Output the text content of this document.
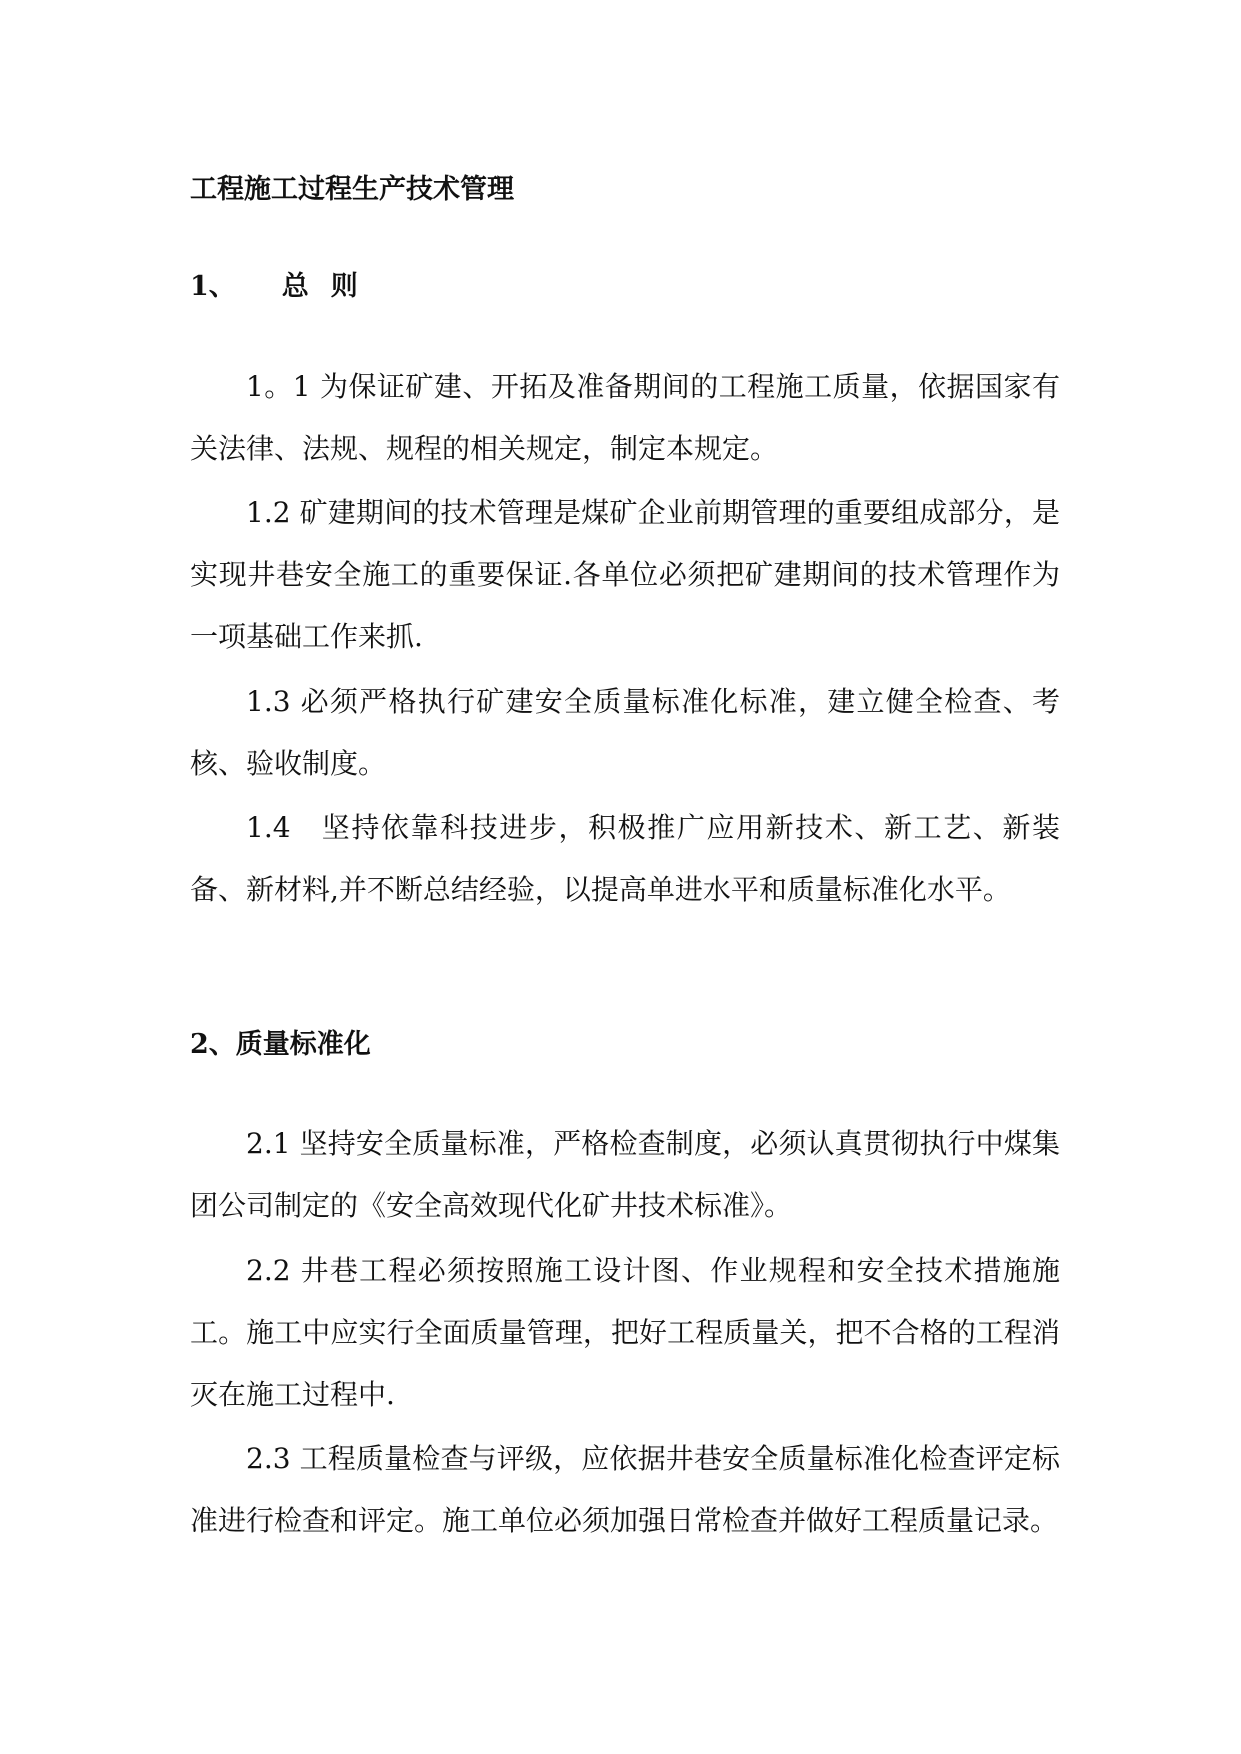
工程施工过程生产技术管理
1、 总则

1。1 为保证矿建、开拓及准备期间的工程施工质量，依据国家有关法律、法规、规程的相关规定，制定本规定。

1.2 矿建期间的技术管理是煤矿企业前期管理的重要组成部分，是实现井巷安全施工的重要保证.各单位必须把矿建期间的技术管理作为一项基础工作来抓.

1.3 必须严格执行矿建安全质量标准化标准，建立健全检查、考核、验收制度。

1.4　坚持依靠科技进步，积极推广应用新技术、新工艺、新装备、新材料,并不断总结经验，以提高单进水平和质量标准化水平。

2、质量标准化

2.1 坚持安全质量标准，严格检查制度，必须认真贯彻执行中煤集团公司制定的《安全高效现代化矿井技术标准》。

2.2 井巷工程必须按照施工设计图、作业规程和安全技术措施施工。施工中应实行全面质量管理，把好工程质量关，把不合格的工程消灭在施工过程中.

2.3 工程质量检查与评级，应依据井巷安全质量标准化检查评定标准进行检查和评定。施工单位必须加强日常检查并做好工程质量记录。
